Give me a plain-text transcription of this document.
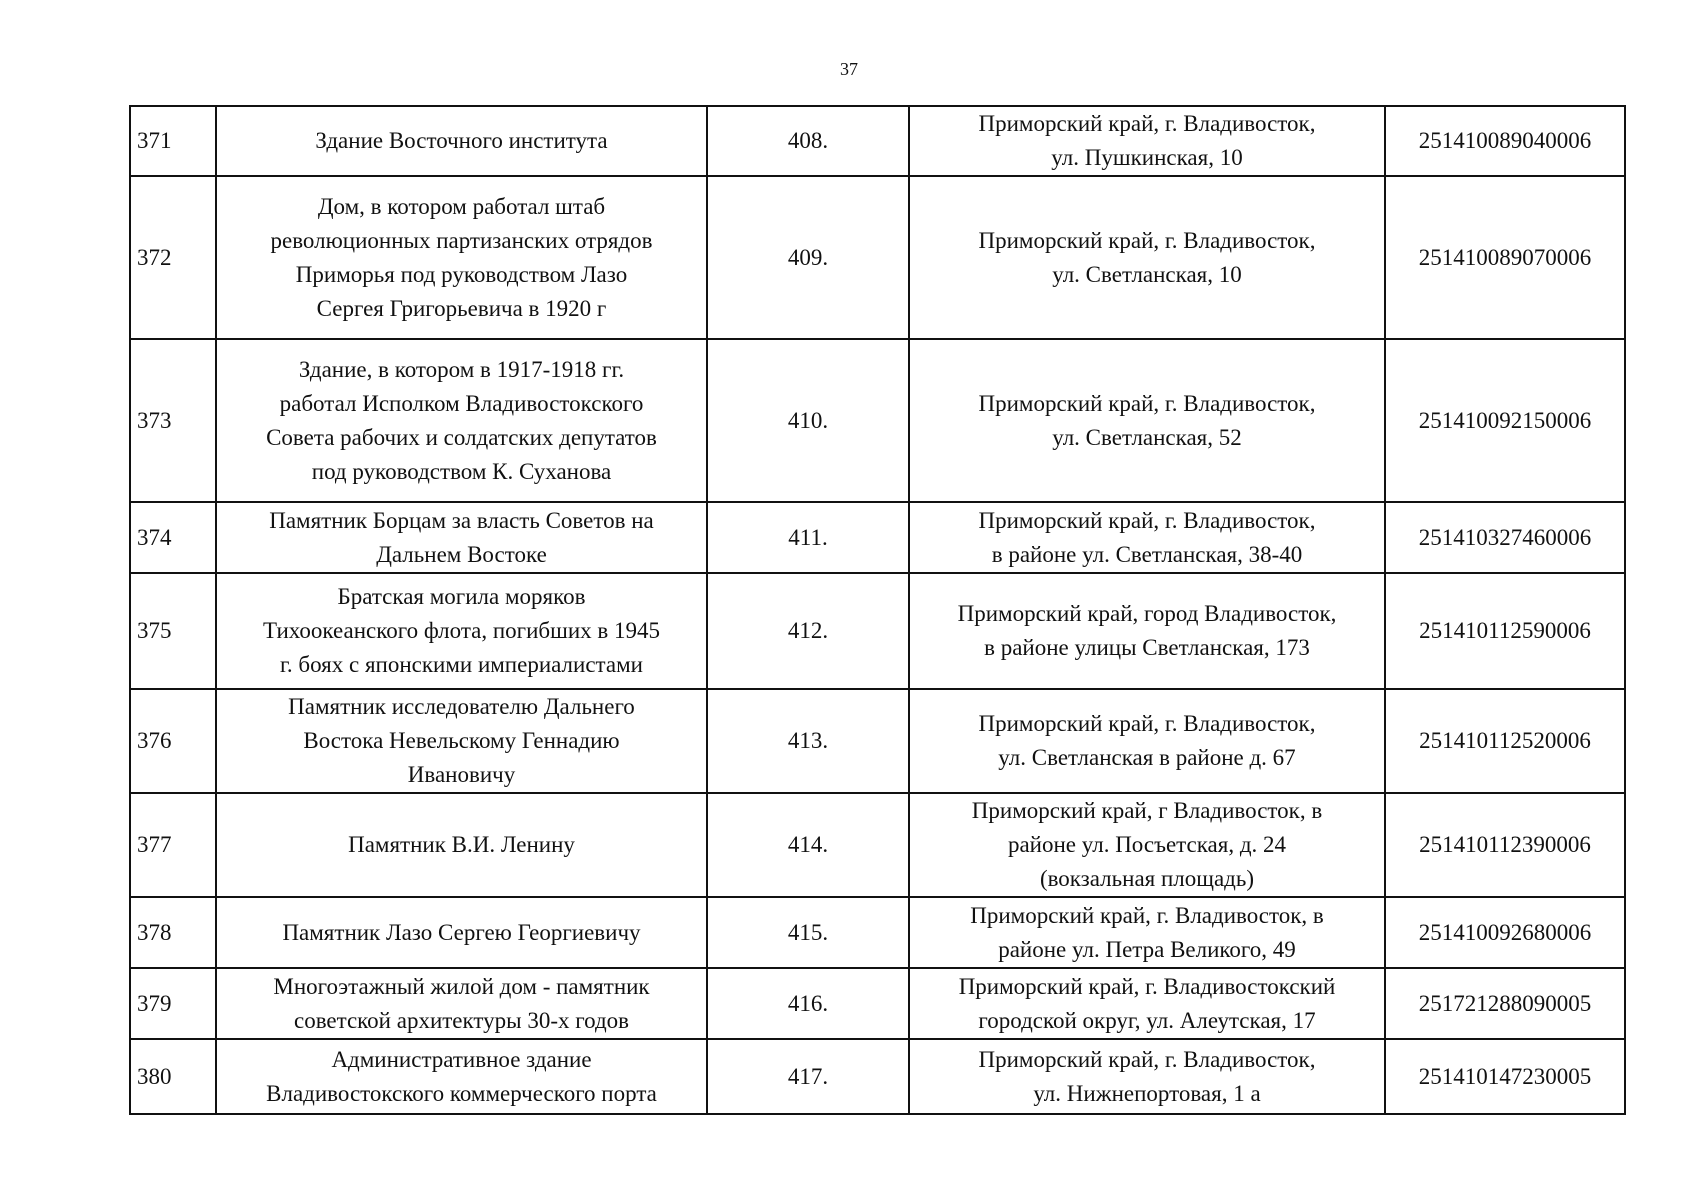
37
371	Здание Восточного института	408.	Приморский край, г. Владивосток,
ул. Пушкинская, 10	251410089040006

372	Дом, в котором работал штаб
революционных партизанских отрядов
Приморья под руководством Лазо
Сергея Григорьевича в 1920 г	409.	Приморский край, г. Владивосток,
ул. Светланская, 10	251410089070006

373	Здание, в котором в 1917-1918 гг.
работал Исполком Владивостокского
Совета рабочих и солдатских депутатов
под руководством К. Суханова	410.	Приморский край, г. Владивосток,
ул. Светланская, 52	251410092150006

374	Памятник Борцам за власть Советов на
Дальнем Востоке	411.	Приморский край, г. Владивосток,
в районе ул. Светланская, 38-40	251410327460006

375	Братская могила моряков
Тихоокеанского флота, погибших в 1945
г. боях с японскими империалистами	412.	Приморский край, город Владивосток,
в районе улицы Светланская, 173	251410112590006

376	Памятник исследователю Дальнего
Востока Невельскому Геннадию
Ивановичу	413.	Приморский край, г. Владивосток,
ул. Светланская в районе д. 67	251410112520006

377	Памятник В.И. Ленину	414.	Приморский край, г Владивосток, в
районе ул. Посъетская, д. 24
(вокзальная площадь)	251410112390006

378	Памятник Лазо Сергею Георгиевичу	415.	Приморский край, г. Владивосток, в
районе ул. Петра Великого, 49	251410092680006

379	Многоэтажный жилой дом - памятник
советской архитектуры 30-х годов	416.	Приморский край, г. Владивостокский
городской округ, ул. Алеутская, 17	251721288090005

380	Административное здание
Владивостокского коммерческого порта	417.	Приморский край, г. Владивосток,
ул. Нижнепортовая, 1 а	251410147230005
